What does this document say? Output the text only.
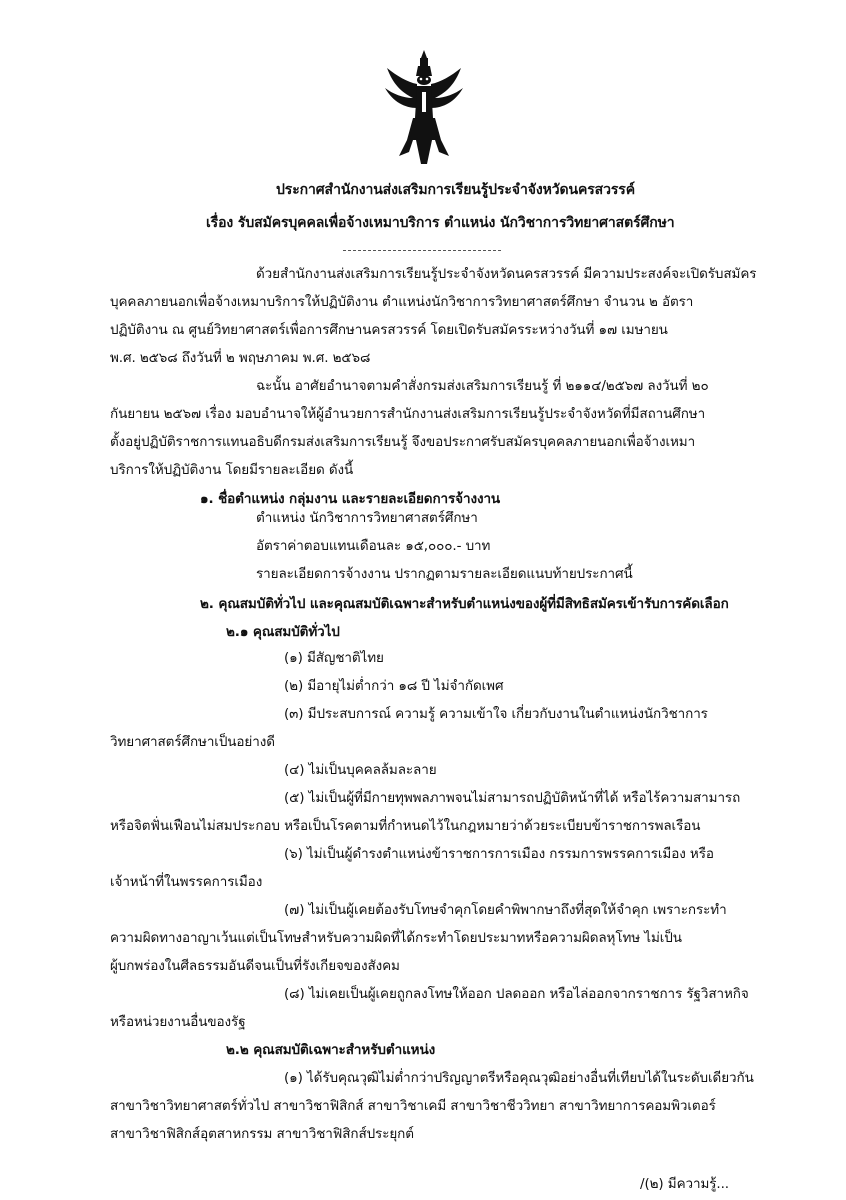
ประกาศสำนักงานส่งเสริมการเรียนรู้ประจำจังหวัดนครสวรรค์
เรื่อง รับสมัครบุคคลเพื่อจ้างเหมาบริการ ตำแหน่ง นักวิชาการวิทยาศาสตร์ศึกษา
ด้วยสำนักงานส่งเสริมการเรียนรู้ประจำจังหวัดนครสวรรค์ มีความประสงค์จะเปิดรับสมัคร
บุคคลภายนอกเพื่อจ้างเหมาบริการให้ปฏิบัติงาน ตำแหน่งนักวิชาการวิทยาศาสตร์ศึกษา จำนวน ๒ อัตรา
ปฏิบัติงาน ณ ศูนย์วิทยาศาสตร์เพื่อการศึกษานครสวรรค์ โดยเปิดรับสมัครระหว่างวันที่ ๑๗ เมษายน
พ.ศ. ๒๕๖๘ ถึงวันที่ ๒ พฤษภาคม พ.ศ. ๒๕๖๘
ฉะนั้น อาศัยอำนาจตามคำสั่งกรมส่งเสริมการเรียนรู้ ที่ ๒๑๑๔/๒๕๖๗ ลงวันที่ ๒๐
กันยายน ๒๕๖๗ เรื่อง มอบอำนาจให้ผู้อำนวยการสำนักงานส่งเสริมการเรียนรู้ประจำจังหวัดที่มีสถานศึกษา
ตั้งอยู่ปฏิบัติราชการแทนอธิบดีกรมส่งเสริมการเรียนรู้ จึงขอประกาศรับสมัครบุคคลภายนอกเพื่อจ้างเหมา
บริการให้ปฏิบัติงาน โดยมีรายละเอียด ดังนี้
๑. ชื่อตำแหน่ง กลุ่มงาน และรายละเอียดการจ้างงาน
ตำแหน่ง นักวิชาการวิทยาศาสตร์ศึกษา
อัตราค่าตอบแทนเดือนละ ๑๕,๐๐๐.- บาท
รายละเอียดการจ้างงาน ปรากฏตามรายละเอียดแนบท้ายประกาศนี้
๒. คุณสมบัติทั่วไป และคุณสมบัติเฉพาะสำหรับตำแหน่งของผู้ที่มีสิทธิสมัครเข้ารับการคัดเลือก
๒.๑ คุณสมบัติทั่วไป
(๑) มีสัญชาติไทย
(๒) มีอายุไม่ต่ำกว่า ๑๘ ปี ไม่จำกัดเพศ
(๓) มีประสบการณ์ ความรู้ ความเข้าใจ เกี่ยวกับงานในตำแหน่งนักวิชาการ
วิทยาศาสตร์ศึกษาเป็นอย่างดี
(๔) ไม่เป็นบุคคลล้มละลาย
(๕) ไม่เป็นผู้ที่มีกายทุพพลภาพจนไม่สามารถปฏิบัติหน้าที่ได้ หรือไร้ความสามารถ
หรือจิตฟั่นเฟือนไม่สมประกอบ หรือเป็นโรคตามที่กำหนดไว้ในกฎหมายว่าด้วยระเบียบข้าราชการพลเรือน
(๖) ไม่เป็นผู้ดำรงตำแหน่งข้าราชการการเมือง กรรมการพรรคการเมือง หรือ
เจ้าหน้าที่ในพรรคการเมือง
(๗) ไม่เป็นผู้เคยต้องรับโทษจำคุกโดยคำพิพากษาถึงที่สุดให้จำคุก เพราะกระทำ
ความผิดทางอาญาเว้นแต่เป็นโทษสำหรับความผิดที่ได้กระทำโดยประมาทหรือความผิดลหุโทษ ไม่เป็น
ผู้บกพร่องในศีลธรรมอันดีจนเป็นที่รังเกียจของสังคม
(๘) ไม่เคยเป็นผู้เคยถูกลงโทษให้ออก ปลดออก หรือไล่ออกจากราชการ รัฐวิสาหกิจ
หรือหน่วยงานอื่นของรัฐ
๒.๒ คุณสมบัติเฉพาะสำหรับตำแหน่ง
(๑) ได้รับคุณวุฒิไม่ต่ำกว่าปริญญาตรีหรือคุณวุฒิอย่างอื่นที่เทียบได้ในระดับเดียวกัน
สาขาวิชาวิทยาศาสตร์ทั่วไป สาขาวิชาฟิสิกส์ สาขาวิชาเคมี สาขาวิชาชีววิทยา สาขาวิทยาการคอมพิวเตอร์
สาขาวิชาฟิสิกส์อุตสาหกรรม สาขาวิชาฟิสิกส์ประยุกต์
/(๒) มีความรู้...
